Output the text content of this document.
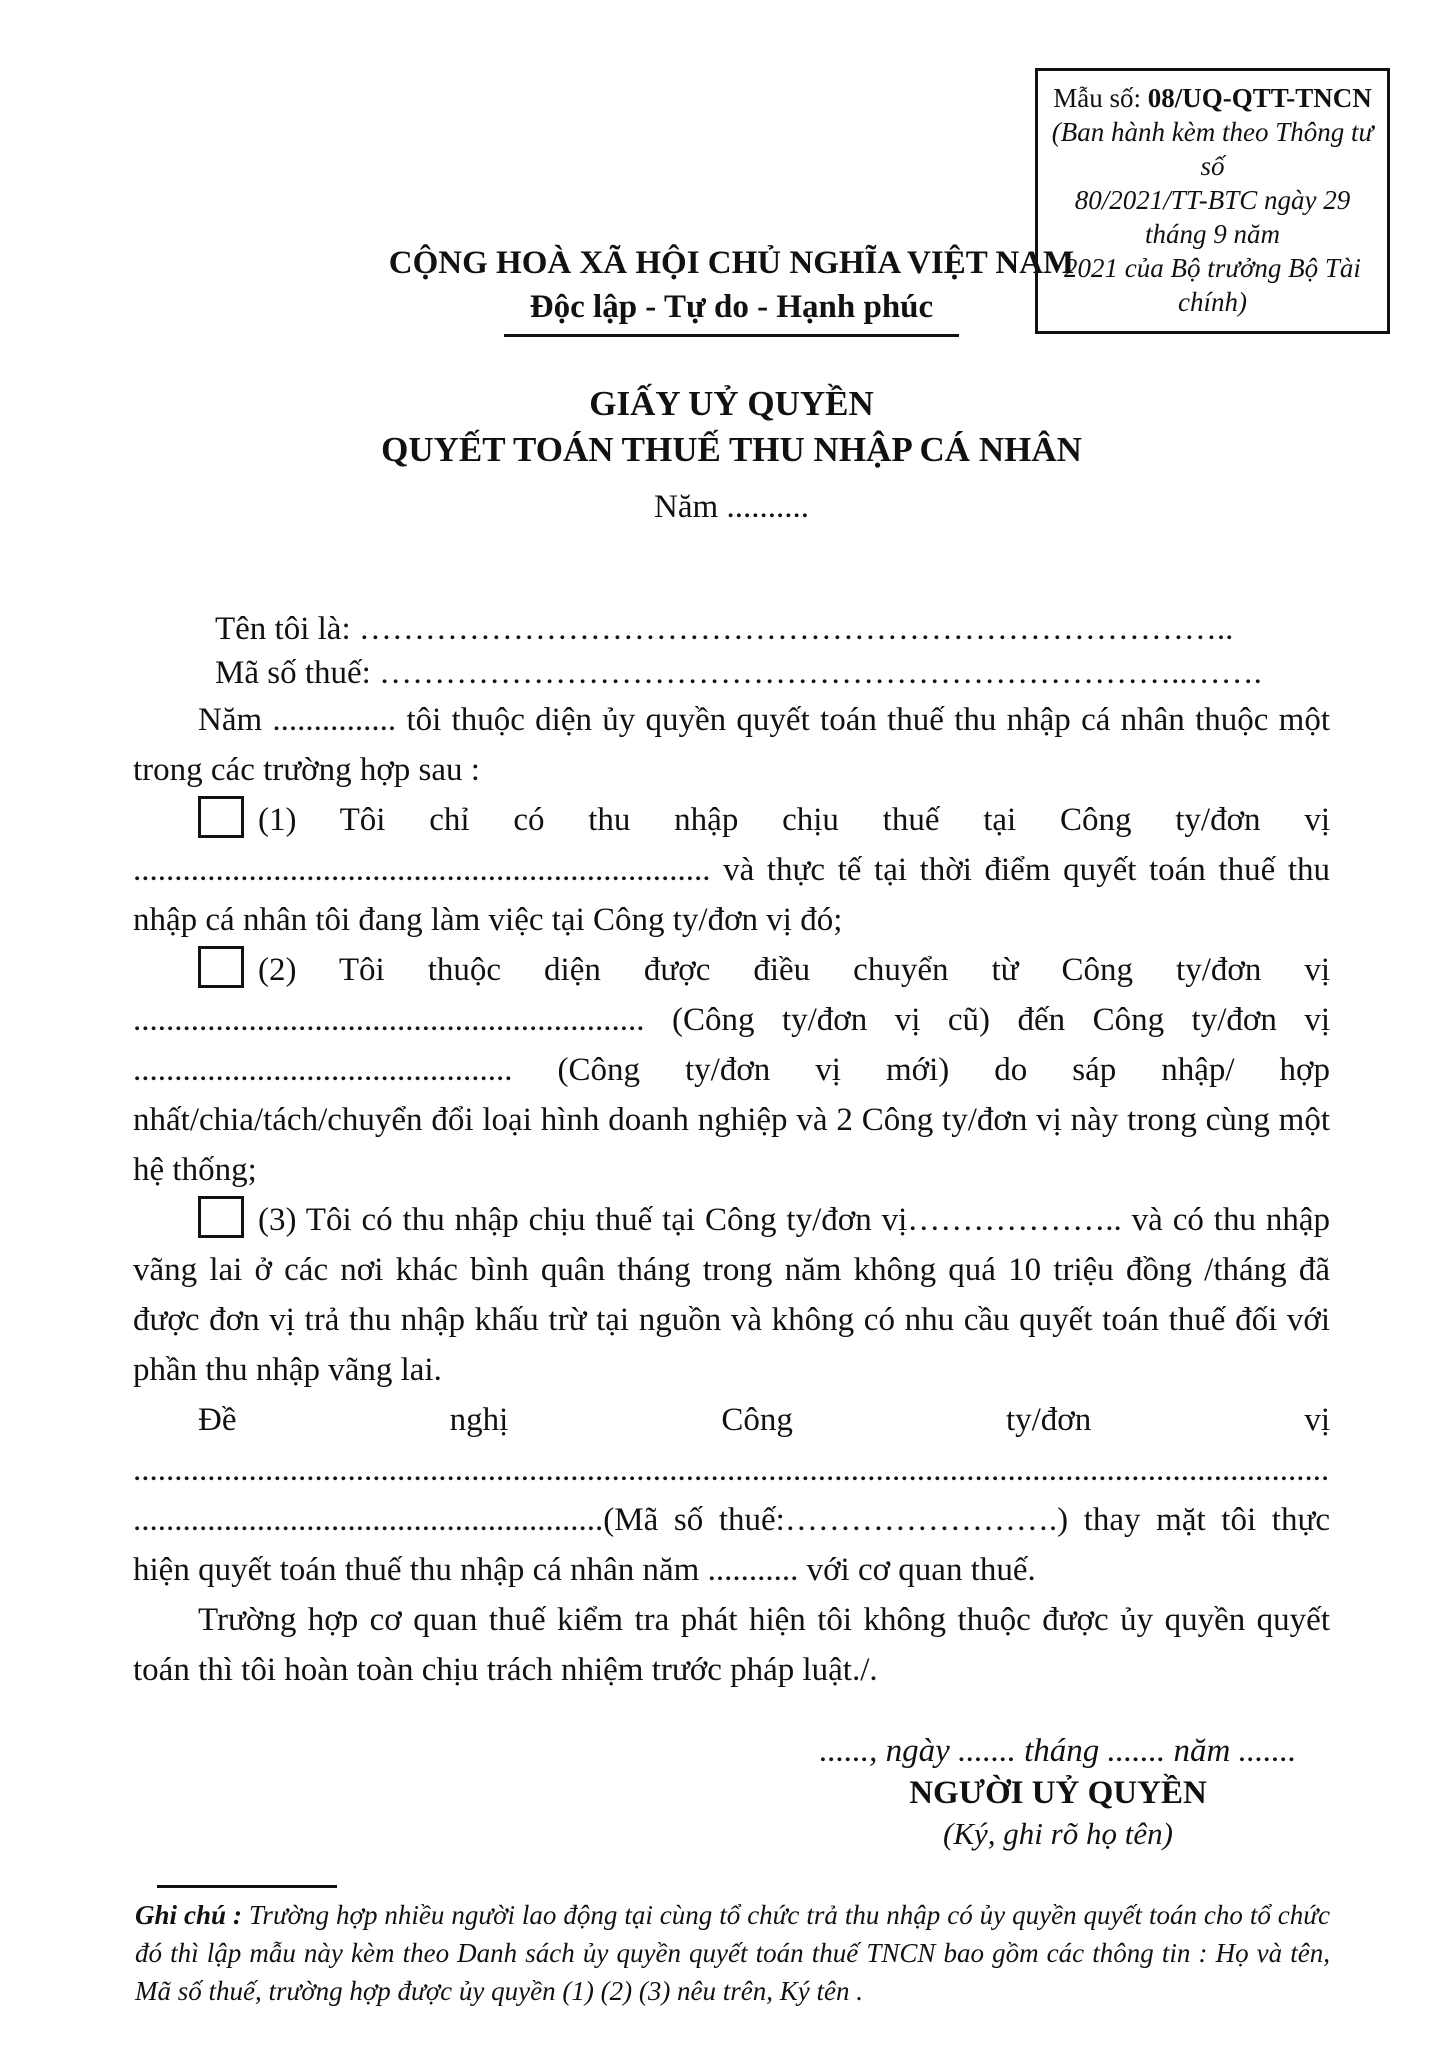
Mẫu số: 08/UQ-QTT-TNCN
(Ban hành kèm theo Thông tư số
80/2021/TT-BTC ngày 29 tháng 9 năm
2021 của Bộ trưởng Bộ Tài chính)
CỘNG HOÀ XÃ HỘI CHỦ NGHĨA VIỆT NAM
Độc lập - Tự do - Hạnh phúc
GIẤY UỶ QUYỀN
QUYẾT TOÁN THUẾ THU NHẬP CÁ NHÂN
Năm ..........
Tên tôi là: ……………………………………………………………………..
Mã số thuế: ………………………………………………………………..…….

Năm ............... tôi thuộc diện ủy quyền quyết toán thuế thu nhập cá nhân thuộc một trong các trường hợp sau :

(1) Tôi chỉ có thu nhập chịu thuế tại Công ty/đơn vị ...................................................................... và thực tế tại thời điểm quyết toán thuế thu nhập cá nhân tôi đang làm việc tại Công ty/đơn vị đó;

(2) Tôi thuộc diện được điều chuyển từ Công ty/đơn vị .............................................................. (Công ty/đơn vị cũ) đến Công ty/đơn vị .............................................. (Công ty/đơn vị mới) do sáp nhập/ hợp nhất/chia/tách/chuyển đổi loại hình doanh nghiệp và 2 Công ty/đơn vị này trong cùng một hệ thống;

(3) Tôi có thu nhập chịu thuế tại Công ty/đơn vị……………….. và có thu nhập vãng lai ở các nơi khác bình quân tháng trong năm không quá 10 triệu đồng /tháng đã được đơn vị trả thu nhập khấu trừ tại nguồn và không có nhu cầu quyết toán thuế đối với phần thu nhập vãng lai.

Đề nghị Công ty/đơn vị ..........................................................................................................................................................................................................(Mã số thuế:…………………….) thay mặt tôi thực hiện quyết toán thuế thu nhập cá nhân năm ........... với cơ quan thuế.

Trường hợp cơ quan thuế kiểm tra phát hiện tôi không thuộc được ủy quyền quyết toán thì tôi hoàn toàn chịu trách nhiệm trước pháp luật./.

......, ngày ....... tháng ....... năm .......
NGƯỜI UỶ QUYỀN
(Ký, ghi rõ họ tên)

Ghi chú : Trường hợp nhiều người lao động tại cùng tổ chức trả thu nhập có ủy quyền quyết toán cho tổ chức đó thì lập mẫu này kèm theo Danh sách ủy quyền quyết toán thuế TNCN bao gồm các thông tin : Họ và tên, Mã số thuế, trường hợp được ủy quyền (1) (2) (3) nêu trên, Ký tên .
